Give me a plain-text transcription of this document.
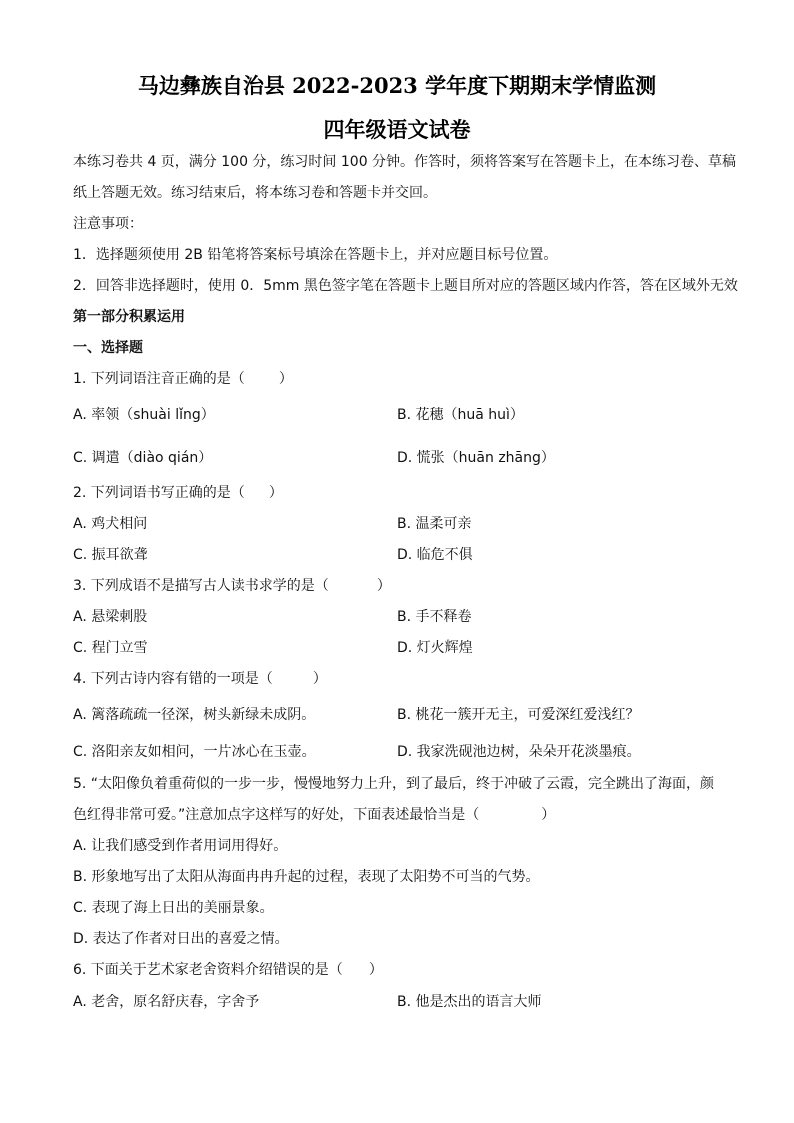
马边彝族自治县 2022-2023 学年度下期期末学情监测
四年级语文试卷
本练习卷共 4 页，满分 100 分，练习时间 100 分钟。作答时，须将答案写在答题卡上，在本练习卷、草稿
纸上答题无效。练习结束后，将本练习卷和答题卡并交回。
注意事项：
1．选择题须使用 2B 铅笔将答案标号填涂在答题卡上，并对应题目标号位置。
2．回答非选择题时，使用 0．5mm 黑色签字笔在答题卡上题目所对应的答题区域内作答，答在区域外无效
第一部分积累运用
一、选择题
1. 下列词语注音正确的是（ ）
A. 率领（shuài lǐng）	B. 花穗（huā huì）
C. 调遣（diào qián）	D. 慌张（huān zhāng）
2. 下列词语书写正确的是（ ）
A. 鸡犬相问	B. 温柔可亲
C. 振耳欲聋	D. 临危不俱
3. 下列成语不是描写古人读书求学的是（	）
A. 悬梁刺股	B. 手不释卷
C. 程门立雪	D. 灯火辉煌
4. 下列古诗内容有错的一项是（	）
A. 篱落疏疏一径深，树头新绿未成阴。	B. 桃花一簇开无主，可爱深红爱浅红？
C. 洛阳亲友如相问，一片冰心在玉壶。	D. 我家洗砚池边树，朵朵开花淡墨痕。
5. “太阳像负着重荷似的一步一步，慢慢地努力上升，到了最后，终于冲破了云霞，完全跳出了海面，颜
色红得非常可爱。”注意加点字这样写的好处，下面表述最恰当是（	）
A. 让我们感受到作者用词用得好。
B. 形象地写出了太阳从海面冉冉升起的过程，表现了太阳势不可当的气势。
C. 表现了海上日出的美丽景象。
D. 表达了作者对日出的喜爱之情。
6. 下面关于艺术家老舍资料介绍错误的是（ ）
A. 老舍，原名舒庆春，字舍予	B. 他是杰出的语言大师
